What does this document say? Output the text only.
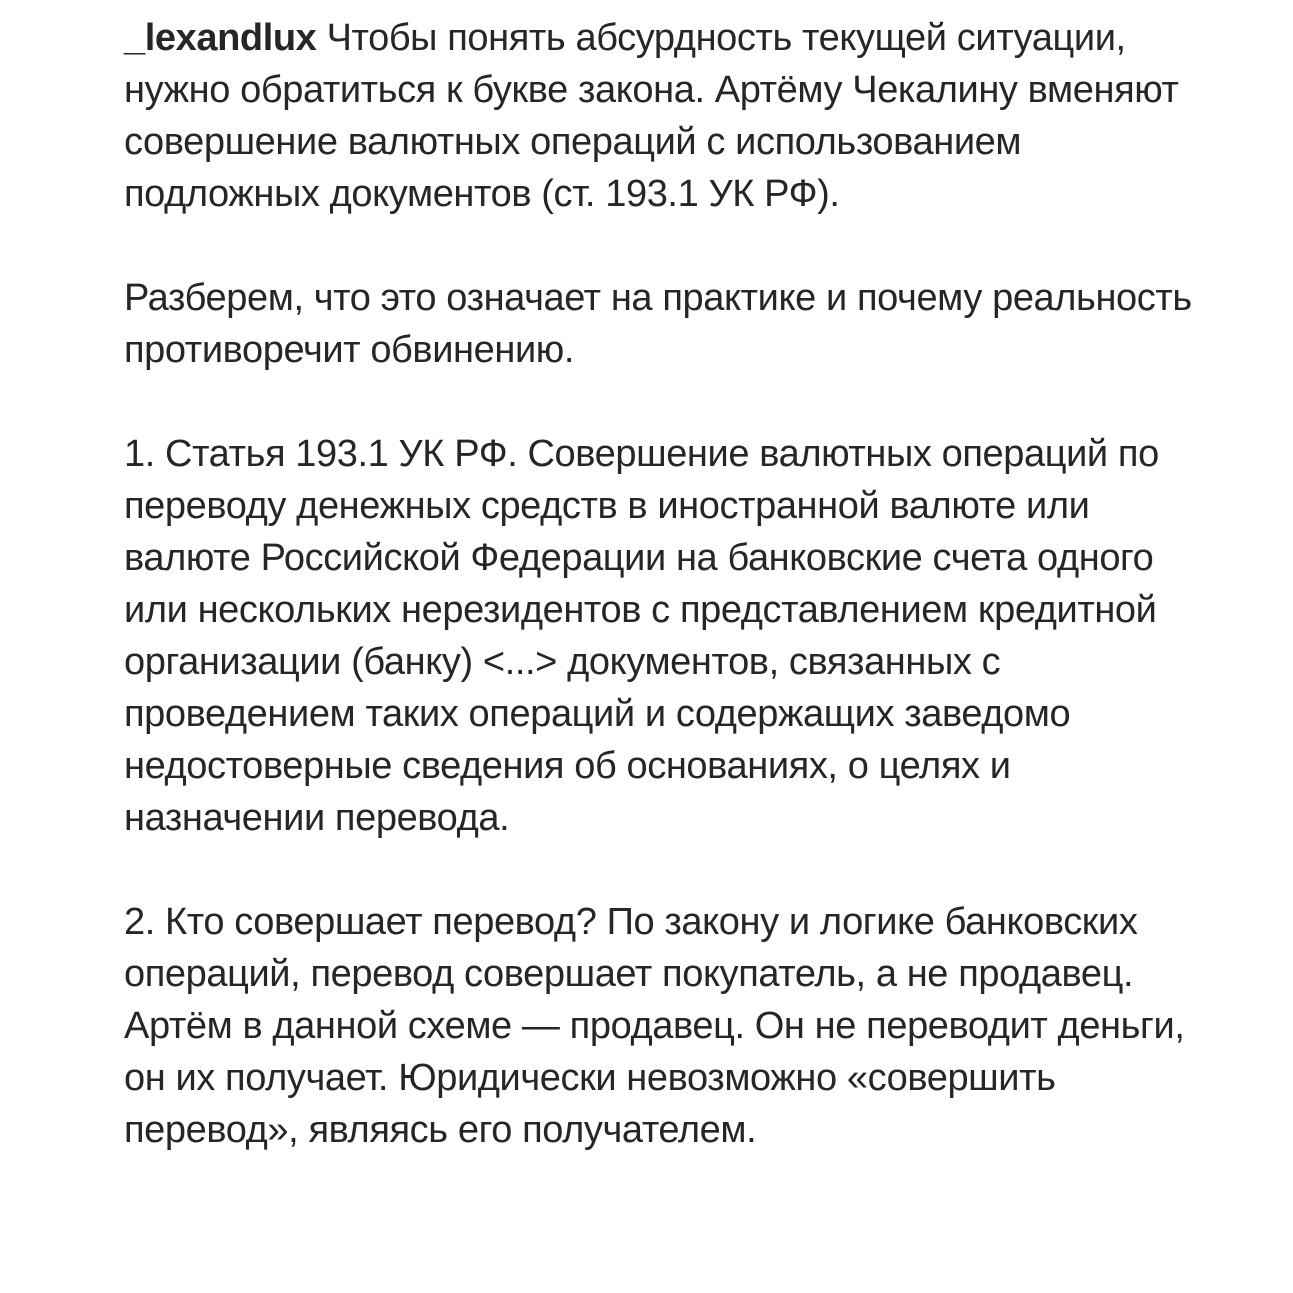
_lexandlux Чтобы понять абсурдность текущей ситуации, нужно обратиться к букве закона. Артёму Чекалину вменяют совершение валютных операций с использованием подложных документов (ст. 193.1 УК РФ).

Разберем, что это означает на практике и почему реальность противоречит обвинению.

1. Статья 193.1 УК РФ. Совершение валютных операций по переводу денежных средств в иностранной валюте или валюте Российской Федерации на банковские счета одного или нескольких нерезидентов с представлением кредитной организации (банку) <...> документов, связанных с проведением таких операций и содержащих заведомо недостоверные сведения об основаниях, о целях и назначении перевода.

2. Кто совершает перевод? По закону и логике банковских операций, перевод совершает покупатель, а не продавец. Артём в данной схеме — продавец. Он не переводит деньги, он их получает. Юридически невозможно «совершить перевод», являясь его получателем.
